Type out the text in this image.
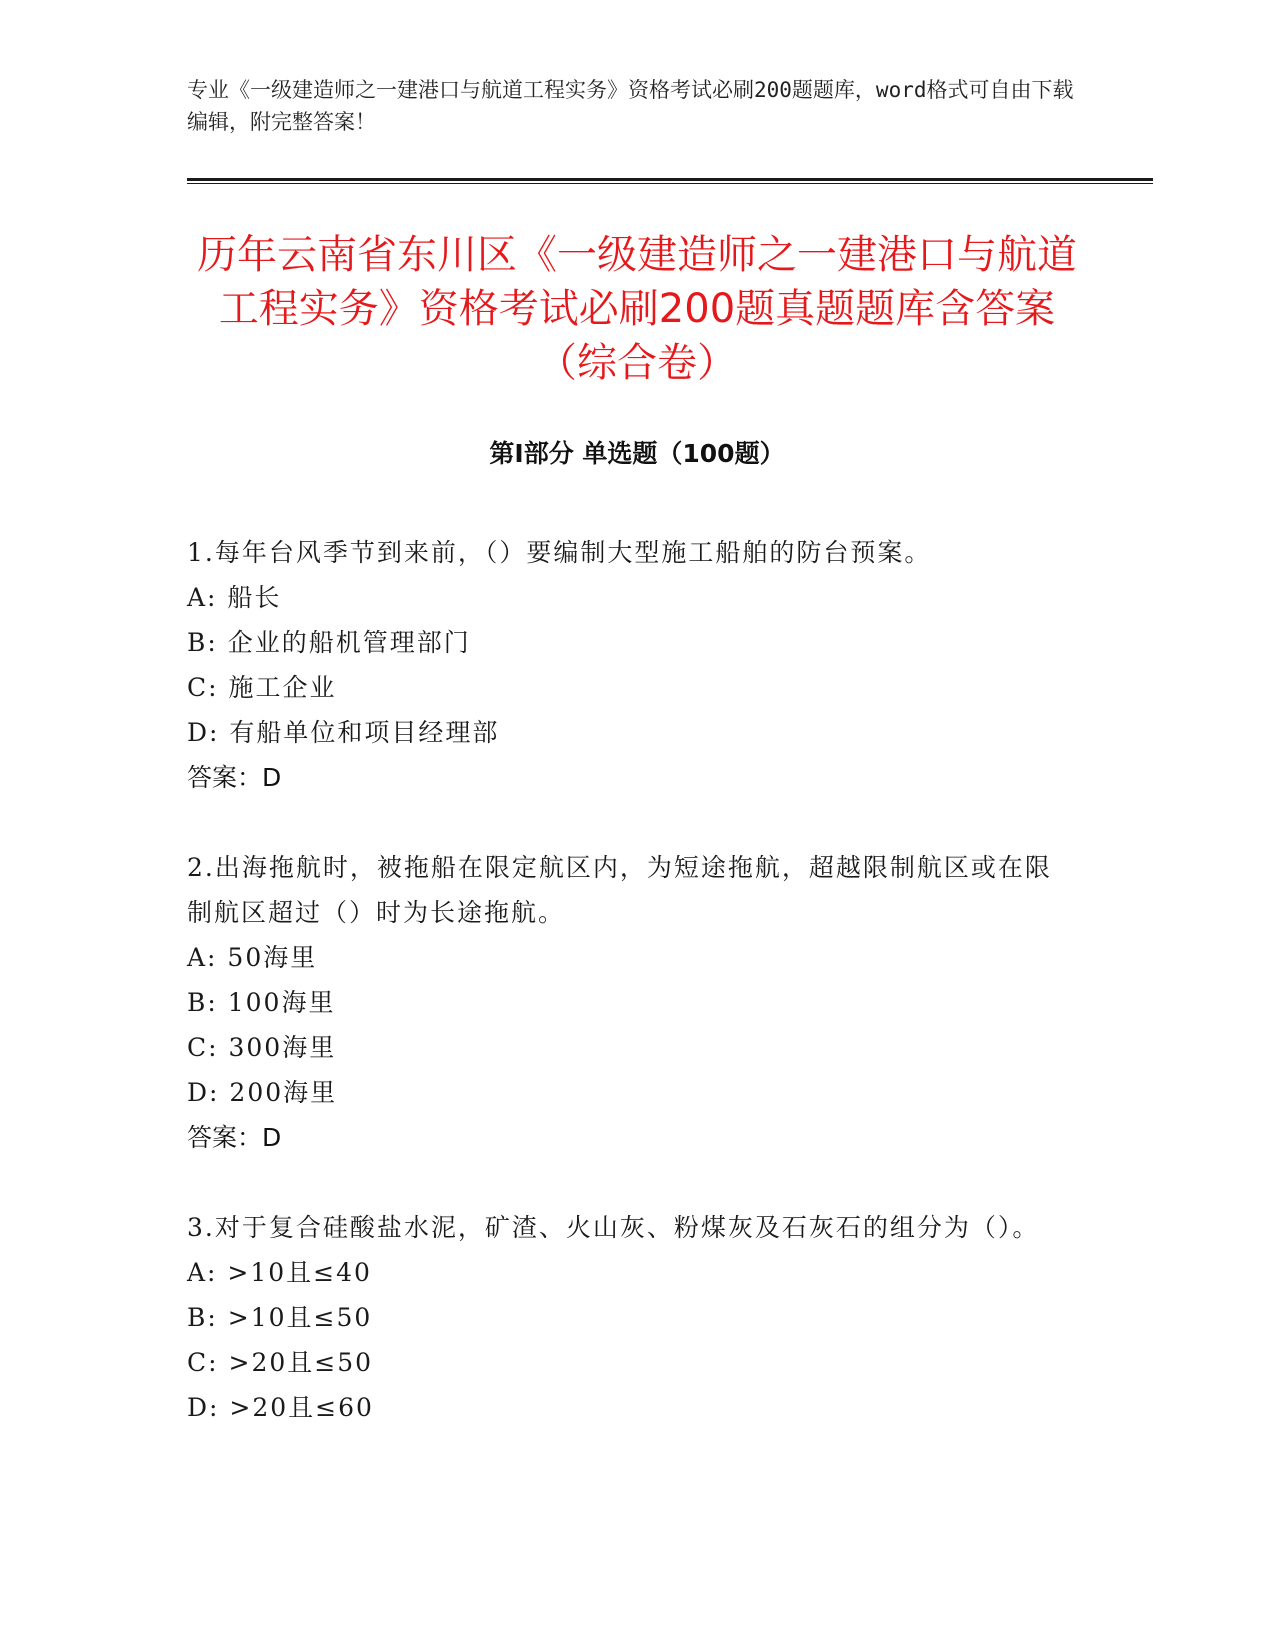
专业《一级建造师之一建港口与航道工程实务》资格考试必刷200题题库，word格式可自由下载编辑，附完整答案！
历年云南省东川区《一级建造师之一建港口与航道工程实务》资格考试必刷200题真题题库含答案（综合卷）
第I部分 单选题（100题）
1.每年台风季节到来前，（）要编制大型施工船舶的防台预案。
A: 船长
B: 企业的船机管理部门
C: 施工企业
D: 有船单位和项目经理部
答案：D
2.出海拖航时，被拖船在限定航区内，为短途拖航，超越限制航区或在限制航区超过（）时为长途拖航。
A: 50海里
B: 100海里
C: 300海里
D: 200海里
答案：D
3.对于复合硅酸盐水泥，矿渣、火山灰、粉煤灰及石灰石的组分为（）。
A: >10且≤40
B: >10且≤50
C: >20且≤50
D: >20且≤60
